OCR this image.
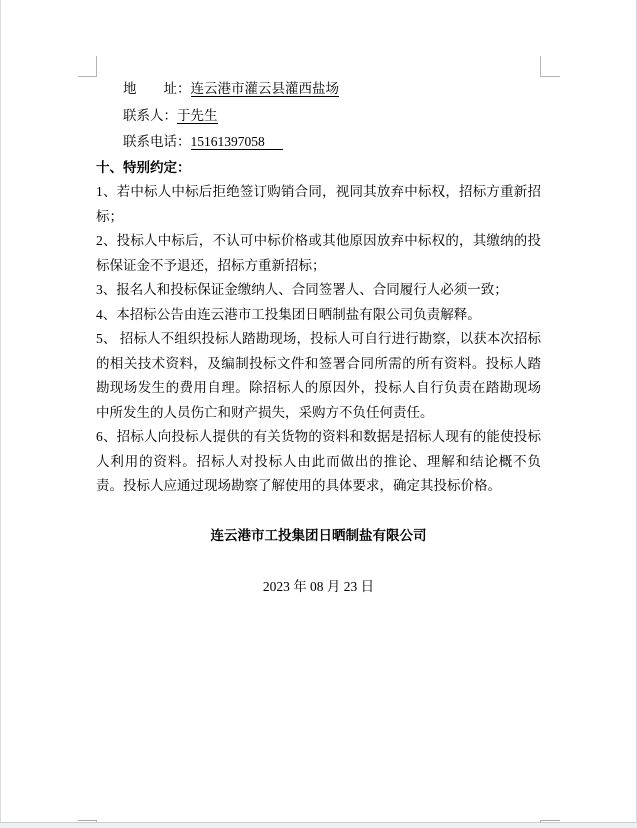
地　　址：连云港市灌云县灌西盐场
联系人：于先生
联系电话：15161397058
十、特别约定：

1、若中标人中标后拒绝签订购销合同，视同其放弃中标权，招标方重新招标；

2、投标人中标后，不认可中标价格或其他原因放弃中标权的，其缴纳的投标保证金不予退还，招标方重新招标；

3、报名人和投标保证金缴纳人、合同签署人、合同履行人必须一致；

4、本招标公告由连云港市工投集团日晒制盐有限公司负责解释。

5、 招标人不组织投标人踏勘现场，投标人可自行进行勘察，以获本次招标的相关技术资料，及编制投标文件和签署合同所需的所有资料。投标人踏勘现场发生的费用自理。除招标人的原因外，投标人自行负责在踏勘现场中所发生的人员伤亡和财产损失，采购方不负任何责任。

6、招标人向投标人提供的有关货物的资料和数据是招标人现有的能使投标人利用的资料。招标人对投标人由此而做出的推论、理解和结论概不负责。投标人应通过现场勘察了解使用的具体要求，确定其投标价格。

连云港市工投集团日晒制盐有限公司

2023 年 08 月 23 日
